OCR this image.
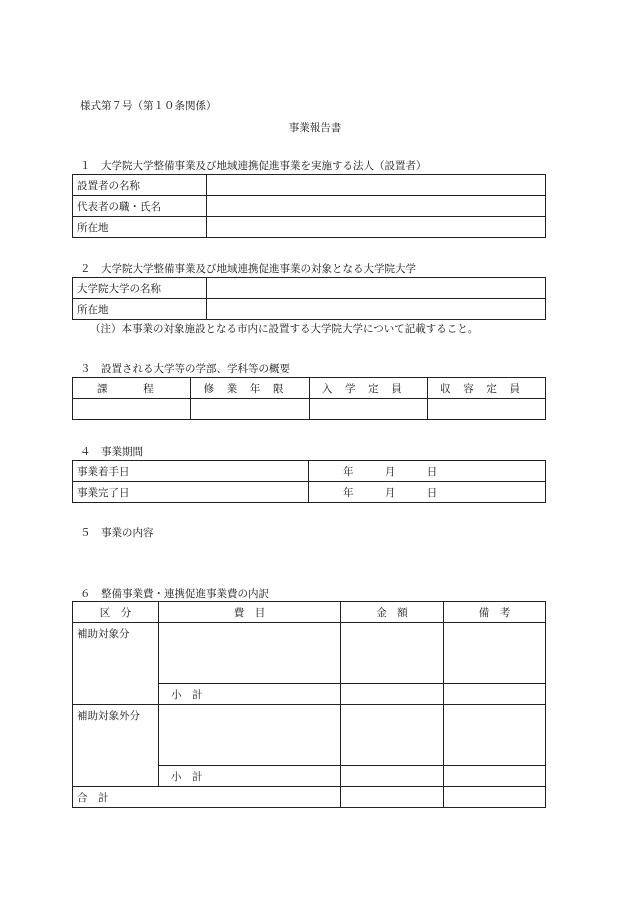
様式第７号（第１０条関係）
事業報告書
１　大学院大学整備事業及び地域連携促進事業を実施する法人（設置者）
設置者の名称	
代表者の職・氏名	
所在地	
２　大学院大学整備事業及び地域連携促進事業の対象となる大学院大学
大学院大学の名称	
所在地	
（注）本事業の対象施設となる市内に設置する大学院大学について記載すること。
３　設置される大学等の学部、学科等の概要
課　程	修業年限	入学定員	収容定員

４　事業期間
事業着手日	年 月 日
事業完了日	年 月 日
５　事業の内容
６　整備事業費・連携促進事業費の内訳
区　分	費　目	金　額	備　考
補助対象分			
	小　計		
補助対象外分			
	小　計		
合　計			
